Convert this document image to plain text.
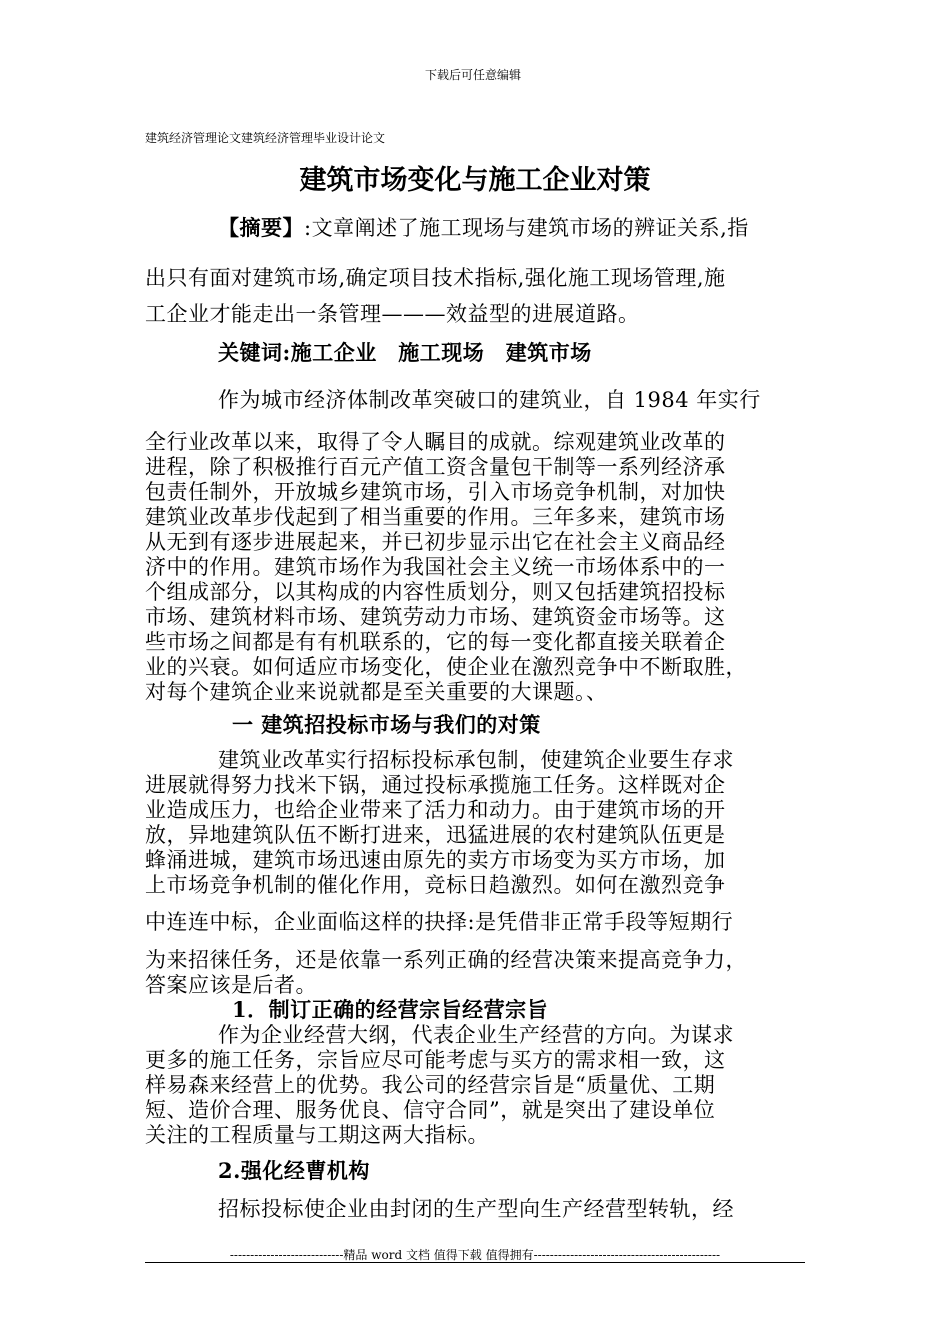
下载后可任意编辑
建筑经济管理论文建筑经济管理毕业设计论文
建筑市场变化与施工企业对策
【摘要】:文章阐述了施工现场与建筑市场的辨证关系,指
出只有面对建筑市场,确定项目技术指标,强化施工现场管理,施
工企业才能走出一条管理———效益型的进展道路。
关键词:施工企业　施工现场　建筑市场
作为城市经济体制改革突破口的建筑业，自 1984 年实行
全行业改革以来，取得了令人瞩目的成就。综观建筑业改革的
进程，除了积极推行百元产值工资含量包干制等一系列经济承
包责任制外，开放城乡建筑市场，引入市场竞争机制，对加快
建筑业改革步伐起到了相当重要的作用。三年多来，建筑市场
从无到有逐步进展起来，并已初步显示出它在社会主义商品经
济中的作用。建筑市场作为我国社会主义统一市场体系中的一
个组成部分，以其构成的内容性质划分，则又包括建筑招投标
市场、建筑材料市场、建筑劳动力市场、建筑资金市场等。这
些市场之间都是有有机联系的，它的每一变化都直接关联着企
业的兴衰。如何适应市场变化，使企业在激烈竞争中不断取胜，
对每个建筑企业来说就都是至关重要的大课题。、
一 建筑招投标市场与我们的对策
建筑业改革实行招标投标承包制，使建筑企业要生存求
进展就得努力找米下锅，通过投标承揽施工任务。这样既对企
业造成压力，也给企业带来了活力和动力。由于建筑市场的开
放，异地建筑队伍不断打进来，迅猛进展的农村建筑队伍更是
蜂涌进城，建筑市场迅速由原先的卖方市场变为买方市场，加
上市场竞争机制的催化作用，竞标日趋激烈。如何在激烈竞争
中连连中标，企业面临这样的抉择:是凭借非正常手段等短期行
为来招徕任务，还是依靠一系列正确的经营决策来提高竞争力，
答案应该是后者。
1．制订正确的经营宗旨经营宗旨
作为企业经营大纲，代表企业生产经营的方向。为谋求
更多的施工任务，宗旨应尽可能考虑与买方的需求相一致，这
样易森来经营上的优势。我公司的经营宗旨是“质量优、工期
短、造价合理、服务优良、信守合同”，就是突出了建设单位
关注的工程质量与工期这两大指标。
2.强化经曹机构
招标投标使企业由封闭的生产型向生产经营型转轨，经
----------------------------精品 word 文档 值得下载 值得拥有----------------------------------------------
